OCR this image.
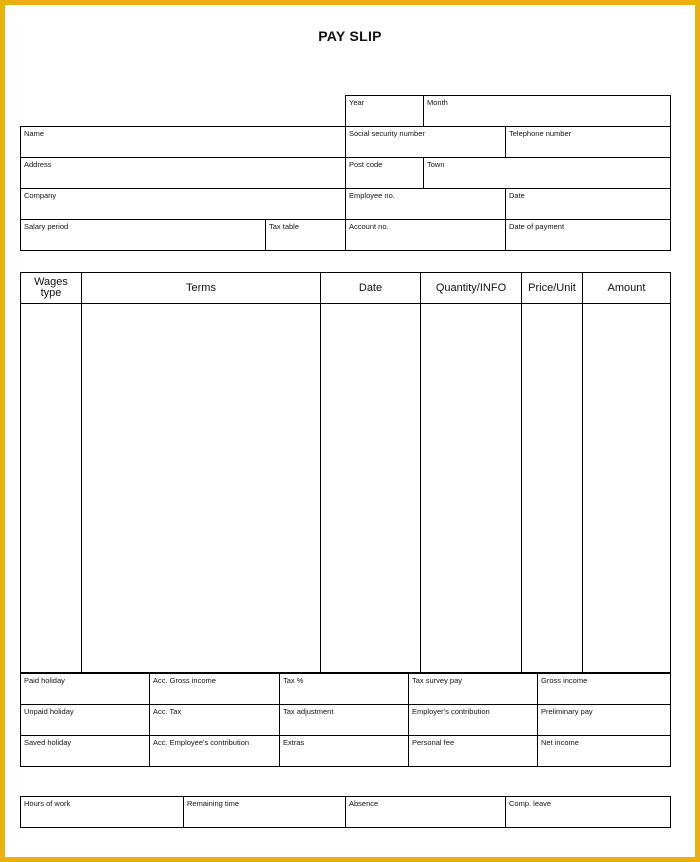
PAY SLIP
		Year	Month	
Name		Social security number		Telephone number
Address		Post code	Town	
Company		Employee no.		Date
Salary period	Tax table	Account no.		Date of payment
Wages type	Terms	Date	Quantity/INFO	Price/Unit	Amount

Paid holiday	Acc. Gross income	Tax %	Tax survey pay	Gross income
Unpaid holiday	Acc. Tax	Tax adjustment	Employer's contribution	Preliminary pay
Saved holiday	Acc. Employee's contribution	Extras	Personal fee	Net income
Hours of work	Remaining time	Absence	Comp. leave
